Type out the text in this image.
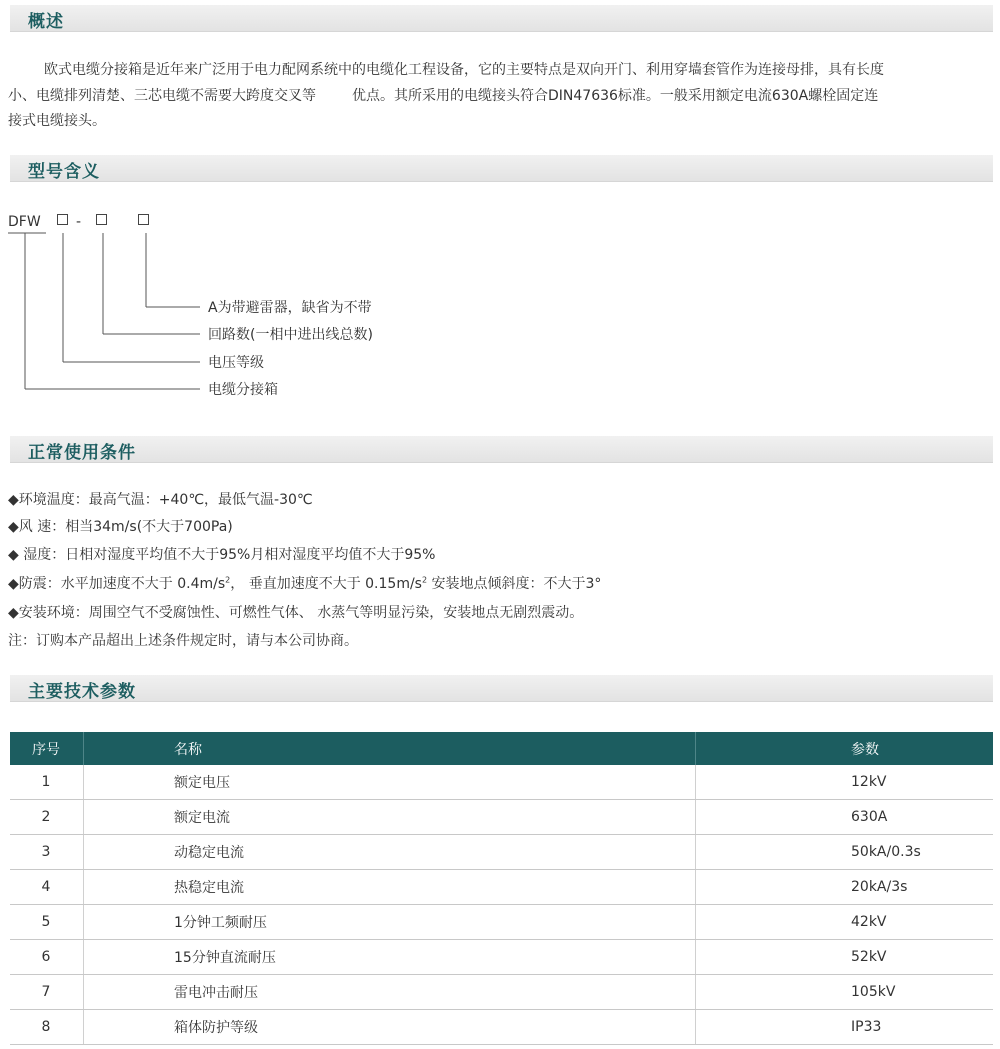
概述

欧式电缆分接箱是近年来广泛用于电力配网系统中的电缆化工程设备，它的主要特点是双向开门、利用穿墙套管作为连接母排，具有长度

小、电缆排列清楚、三芯电缆不需要大跨度交叉等	优点。其所采用的电缆接头符合DIN47636标准。一般采用额定电流630A螺栓固定连

接式电缆接头。

型号含义
DFW	-
A为带避雷器，缺省为不带
回路数(一相中进出线总数)
电压等级
电缆分接箱
正常使用条件
◆环境温度：最高气温：+40℃，最低气温-30℃
◆风 速：相当34m/s(不大于700Pa)
◆ 湿度：日相对湿度平均值不大于95%月相对湿度平均值不大于95%
◆防震：水平加速度不大于 $0.4m/s^2$， 垂直加速度不大于 $0.15m/s^2$ 安装地点倾斜度：不大于3°
◆安装环境：周围空气不受腐蚀性、可燃性气体、 水蒸气等明显污染，安装地点无剧烈震动。
注：订购本产品超出上述条件规定时，请与本公司协商。
主要技术参数
序号	名称	参数
1	额定电压	12kV
2	额定电流	630A
3	动稳定电流	50kA/0.3s
4	热稳定电流	20kA/3s
5	1分钟工频耐压	42kV
6	15分钟直流耐压	52kV
7	雷电冲击耐压	105kV
8	箱体防护等级	IP33
